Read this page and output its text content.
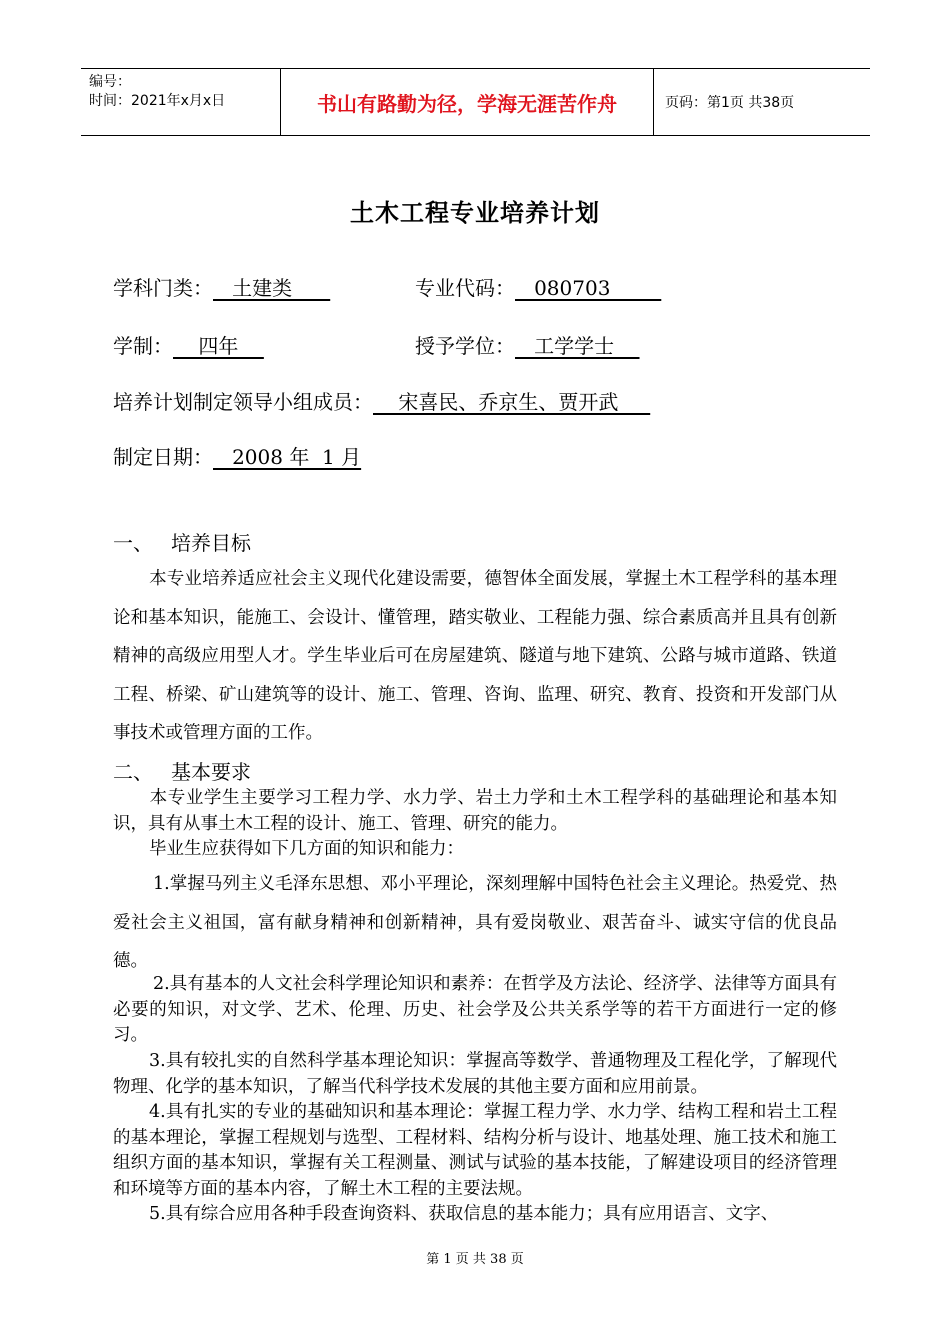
编号：
时间：2021年x月x日	书山有路勤为径，学海无涯苦作舟	页码：第1页 共38页
土木工程专业培养计划
学科门类：   土建类	专业代码：   080703
学制：    四年	授予学位：   工学学士
培养计划制定领导小组成员：    宋喜民、乔京生、贾开武
制定日期：   2008 年  1 月
一、 培养目标

本专业培养适应社会主义现代化建设需要，德智体全面发展，掌握土木工程学科的基本理论和基本知识，能施工、会设计、懂管理，踏实敬业、工程能力强、综合素质高并且具有创新精神的高级应用型人才。学生毕业后可在房屋建筑、隧道与地下建筑、公路与城市道路、铁道工程、桥梁、矿山建筑等的设计、施工、管理、咨询、监理、研究、教育、投资和开发部门从事技术或管理方面的工作。

二、 基本要求

本专业学生主要学习工程力学、水力学、岩土力学和土木工程学科的基础理论和基本知识，具有从事土木工程的设计、施工、管理、研究的能力。

毕业生应获得如下几方面的知识和能力：

1.掌握马列主义毛泽东思想、邓小平理论，深刻理解中国特色社会主义理论。热爱党、热爱社会主义祖国，富有献身精神和创新精神，具有爱岗敬业、艰苦奋斗、诚实守信的优良品德。

2.具有基本的人文社会科学理论知识和素养：在哲学及方法论、经济学、法律等方面具有必要的知识，对文学、艺术、伦理、历史、社会学及公共关系学等的若干方面进行一定的修习。

3.具有较扎实的自然科学基本理论知识：掌握高等数学、普通物理及工程化学，了解现代物理、化学的基本知识，了解当代科学技术发展的其他主要方面和应用前景。

4.具有扎实的专业的基础知识和基本理论：掌握工程力学、水力学、结构工程和岩土工程的基本理论，掌握工程规划与选型、工程材料、结构分析与设计、地基处理、施工技术和施工组织方面的基本知识，掌握有关工程测量、测试与试验的基本技能，了解建设项目的经济管理和环境等方面的基本内容，了解土木工程的主要法规。

5.具有综合应用各种手段查询资料、获取信息的基本能力；具有应用语言、文字、

第 1 页 共 38 页
